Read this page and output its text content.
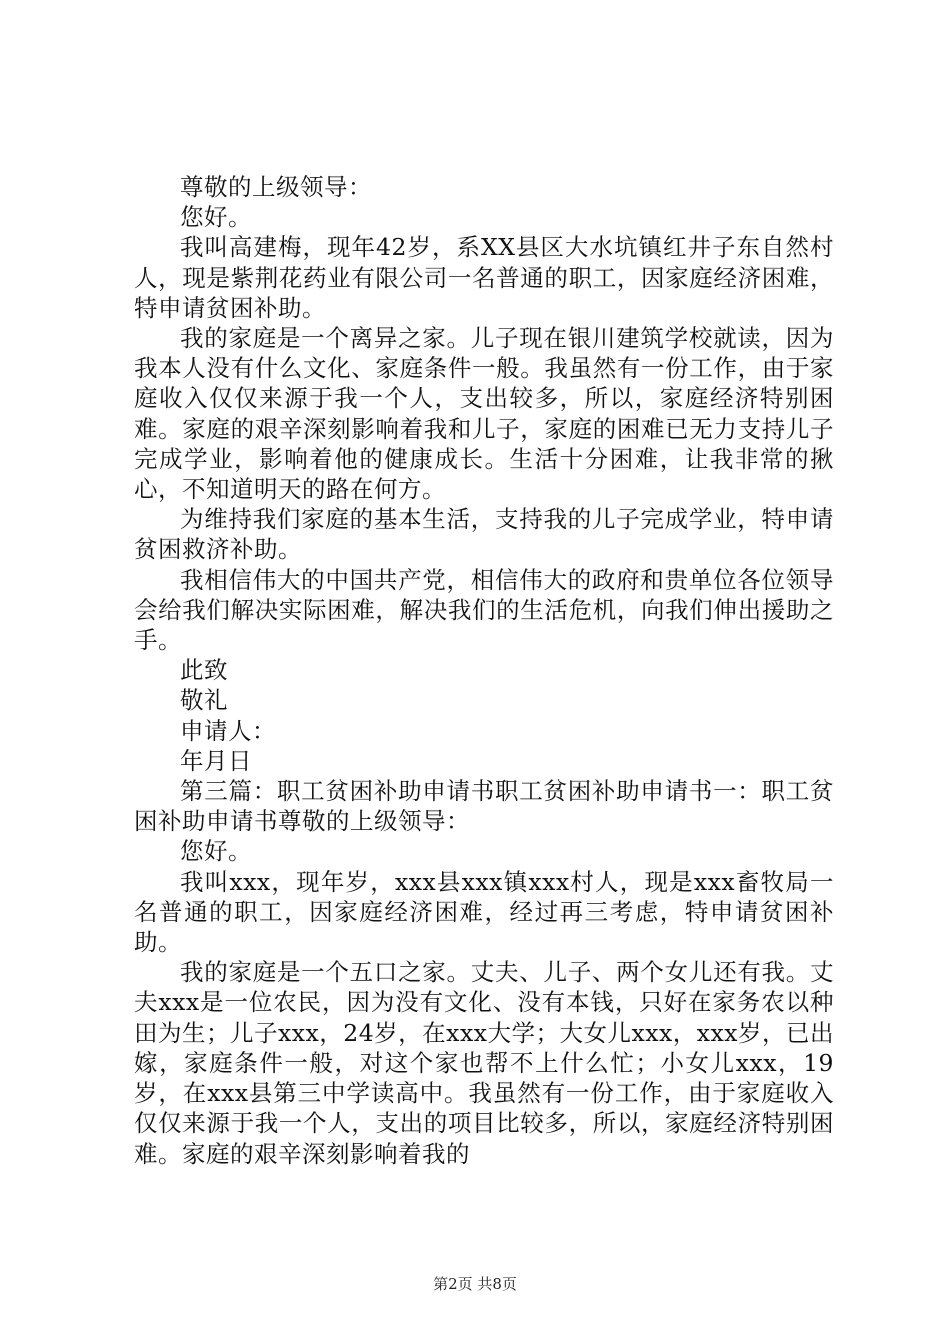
尊敬的上级领导：

您好。

我叫高建梅，现年42岁，系XX县区大水坑镇红井子东自然村人，现是紫荆花药业有限公司一名普通的职工，因家庭经济困难，特申请贫困补助。

我的家庭是一个离异之家。儿子现在银川建筑学校就读，因为我本人没有什么文化、家庭条件一般。我虽然有一份工作，由于家庭收入仅仅来源于我一个人，支出较多，所以，家庭经济特别困难。家庭的艰辛深刻影响着我和儿子，家庭的困难已无力支持儿子完成学业，影响着他的健康成长。生活十分困难，让我非常的揪心，不知道明天的路在何方。

为维持我们家庭的基本生活，支持我的儿子完成学业，特申请贫困救济补助。

我相信伟大的中国共产党，相信伟大的政府和贵单位各位领导会给我们解决实际困难，解决我们的生活危机，向我们伸出援助之手。

此致

敬礼

申请人：

年月日

第三篇：职工贫困补助申请书职工贫困补助申请书一：职工贫困补助申请书尊敬的上级领导：

您好。

我叫xxx，现年岁，xxx县xxx镇xxx村人，现是xxx畜牧局一名普通的职工，因家庭经济困难，经过再三考虑，特申请贫困补助。

我的家庭是一个五口之家。丈夫、儿子、两个女儿还有我。丈夫xxx是一位农民，因为没有文化、没有本钱，只好在家务农以种田为生；儿子xxx，24岁，在xxx大学；大女儿xxx，xxx岁，已出嫁，家庭条件一般，对这个家也帮不上什么忙；小女儿xxx，19岁，在xxx县第三中学读高中。我虽然有一份工作，由于家庭收入仅仅来源于我一个人，支出的项目比较多，所以，家庭经济特别困难。家庭的艰辛深刻影响着我的

第2页 共8页
